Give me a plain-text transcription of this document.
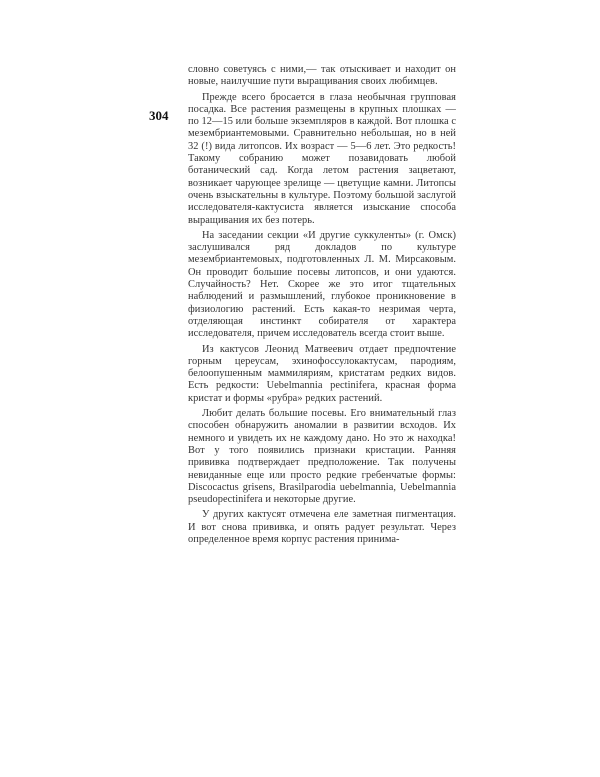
304

словно советуясь с ними,— так отыскивает и находит он новые, наилучшие пути выращивания своих любимцев.

Прежде всего бросается в глаза необычная групповая посадка. Все растения размещены в крупных плошках — по 12—15 или больше экземпляров в каждой. Вот плошка с мезембриантемовыми. Сравнительно небольшая, но в ней 32 (!) вида литопсов. Их возраст — 5—6 лет. Это редкость! Такому собранию может позавидовать любой ботанический сад. Когда летом растения зацветают, возникает чарующее зрелище — цветущие камни. Литопсы очень взыскательны в культуре. Поэтому большой заслугой исследователя-кактусиста является изыскание способа выращивания их без потерь.

На заседании секции «И другие суккуленты» (г. Омск) заслушивался ряд докладов по культуре мезембриантемовых, подготовленных Л. М. Мирсаковым. Он проводит большие посевы литопсов, и они удаются. Случайность? Нет. Скорее же это итог тщательных наблюдений и размышлений, глубокое проникновение в физиологию растений. Есть какая-то незримая черта, отделяющая инстинкт собирателя от характера исследователя, причем исследователь всегда стоит выше.

Из кактусов Леонид Матвеевич отдает предпочтение горным цереусам, эхинофоссулокактусам, пародиям, белоопушенным маммиляриям, кристатам редких видов. Есть редкости: Uebelmannia pectinifera, красная форма кристат и формы «рубра» редких растений.

Любит делать большие посевы. Его внимательный глаз способен обнаружить аномалии в развитии всходов. Их немного и увидеть их не каждому дано. Но это ж находка! Вот у того появились признаки кристации. Ранняя прививка подтверждает предположение. Так получены невиданные еще или просто редкие гребенчатые формы: Discocactus grisens, Brasilparodia uebelmannia, Uebelmannia pseudopectinifera и некоторые другие.

У других кактусят отмечена еле заметная пигментация. И вот снова прививка, и опять радует результат. Через определенное время корпус растения принима-
